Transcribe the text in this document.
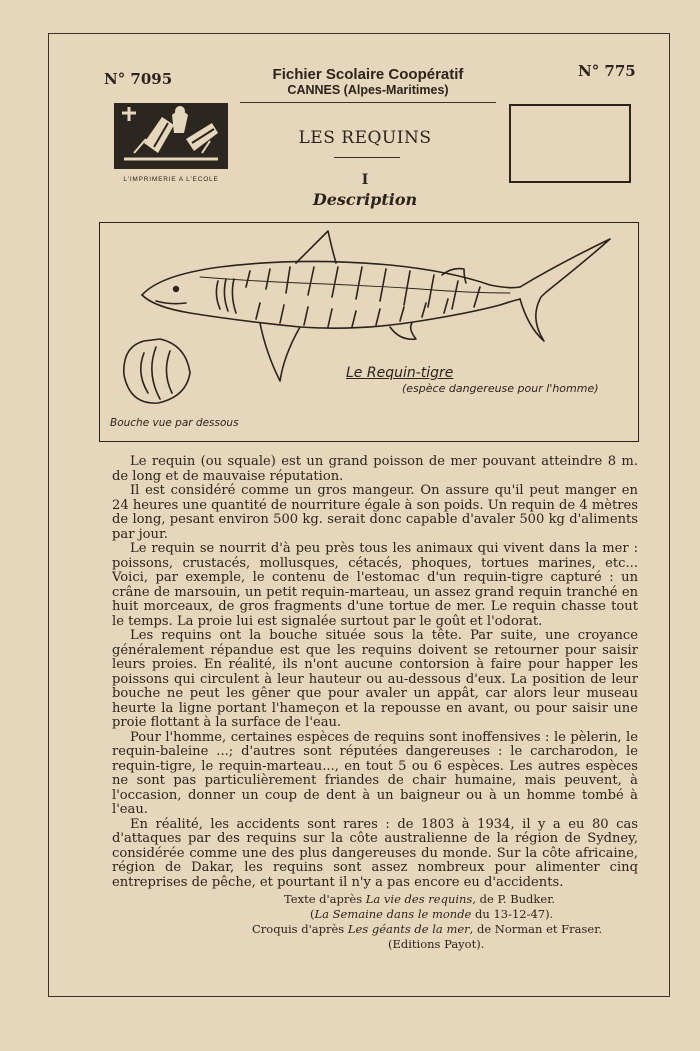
N° 7095	N° 775
Fichier Scolaire Coopératif
CANNES (Alpes-Maritimes)
L'IMPRIMERIE A L'ECOLE
LES REQUINS
I
Description
Le Requin-tigre
(espèce dangereuse pour l'homme)
Bouche vue par dessous

Le requin (ou squale) est un grand poisson de mer pouvant atteindre 8 m. de long et de mauvaise réputation.

Il est considéré comme un gros mangeur. On assure qu'il peut manger en 24 heures une quantité de nourriture égale à son poids. Un requin de 4 mètres de long, pesant environ 500 kg. serait donc capable d'avaler 500 kg d'aliments par jour.

Le requin se nourrit d'à peu près tous les animaux qui vivent dans la mer : poissons, crustacés, mollusques, cétacés, phoques, tortues marines, etc... Voici, par exemple, le contenu de l'estomac d'un requin-tigre capturé : un crâne de marsouin, un petit requin-marteau, un assez grand requin tranché en huit morceaux, de gros fragments d'une tortue de mer. Le requin chasse tout le temps. La proie lui est signalée surtout par le goût et l'odorat.

Les requins ont la bouche située sous la tête. Par suite, une croyance généralement répandue est que les requins doivent se retourner pour saisir leurs proies. En réalité, ils n'ont aucune contorsion à faire pour happer les poissons qui circulent à leur hauteur ou au-dessous d'eux. La position de leur bouche ne peut les gêner que pour avaler un appât, car alors leur museau heurte la ligne portant l'hameçon et la repousse en avant, ou pour saisir une proie flottant à la surface de l'eau.

Pour l'homme, certaines espèces de requins sont inoffensives : le pèlerin, le requin-baleine ...; d'autres sont réputées dangereuses : le carcharodon, le requin-tigre, le requin-marteau..., en tout 5 ou 6 espèces. Les autres espèces ne sont pas particulièrement friandes de chair humaine, mais peuvent, à l'occasion, donner un coup de dent à un baigneur ou à un homme tombé à l'eau.

En réalité, les accidents sont rares : de 1803 à 1934, il y a eu 80 cas d'attaques par des requins sur la côte australienne de la région de Sydney, considérée comme une des plus dangereuses du monde. Sur la côte africaine, région de Dakar, les requins sont assez nombreux pour alimenter cinq entreprises de pêche, et pourtant il n'y a pas encore eu d'accidents.

Texte d'après La vie des requins, de P. Budker.
(La Semaine dans le monde du 13-12-47).
Croquis d'après Les géants de la mer, de Norman et Fraser.
(Editions Payot).
